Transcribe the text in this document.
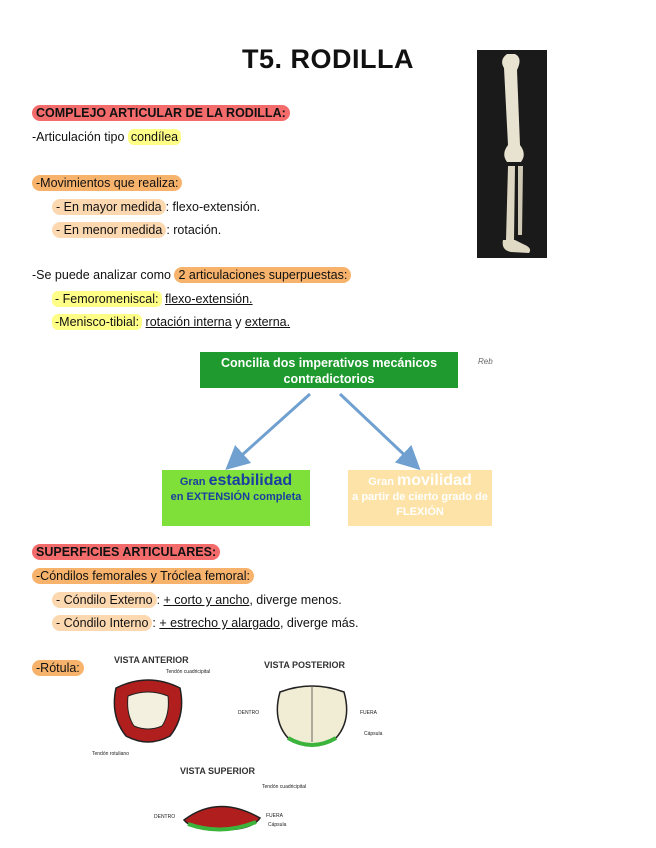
T5. RODILLA
COMPLEJO ARTICULAR DE LA RODILLA:
-Articulación tipo condílea
-Movimientos que realiza:
- En mayor medida : flexo-extensión.
- En menor medida : rotación.
-Se puede analizar como 2 articulaciones superpuestas:
- Femoromeniscal: flexo-extensión.
-Menisco-tibial: rotación interna y externa.
Concilia dos imperativos mecánicos contradictorios
Reb
Gran estabilidad
en EXTENSIÓN completa
Gran movilidad
a partir de cierto grado de FLEXIÓN
SUPERFICIES ARTICULARES:
-Cóndilos femorales y Tróclea femoral:
- Cóndilo Externo : + corto y ancho, diverge menos.
- Cóndilo Interno : + estrecho y alargado, diverge más.
-Rótula:
VISTA ANTERIOR	VISTA POSTERIOR
VISTA SUPERIOR
Tendón cuadricipital
Tendón rotuliano
DENTRO	FUERA
Cápsula
Tendón cuadricipital
DENTRO	FUERA
Cápsula
